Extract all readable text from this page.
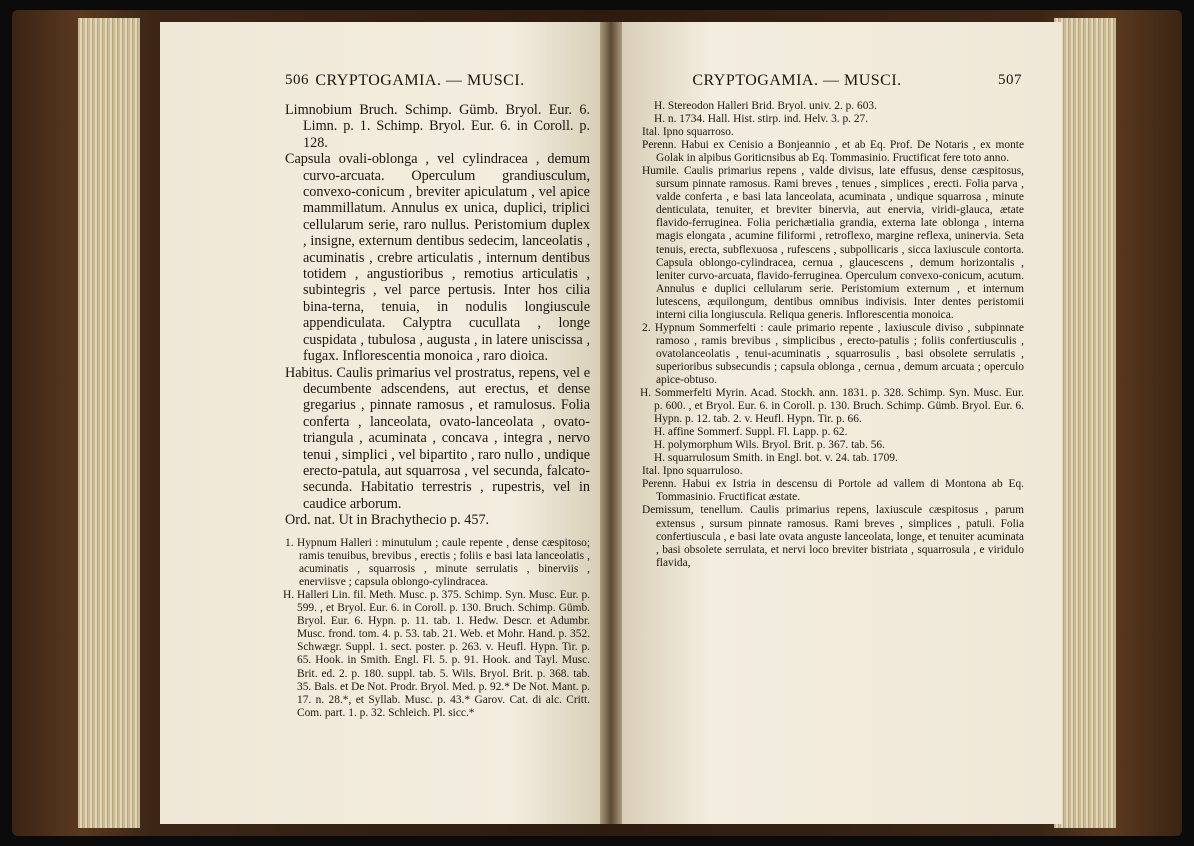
506 CRYPTOGAMIA. — MUSCI.

Limnobium Bruch. Schimp. Gümb. Bryol. Eur. 6. Limn. p. 1. Schimp. Bryol. Eur. 6. in Coroll. p. 128.

Capsula ovali-oblonga , vel cylindracea , demum curvo-arcuata. Operculum grandiusculum, convexo-conicum , breviter apiculatum , vel apice mammillatum. Annulus ex unica, duplici, triplici cellularum serie, raro nullus. Peristomium duplex , insigne, externum dentibus sedecim, lanceolatis , acuminatis , crebre articulatis , internum dentibus totidem , angustioribus , remotius articulatis , subintegris , vel parce pertusis. Inter hos cilia bina-terna, tenuia, in nodulis longiuscule appendiculata. Calyptra cucullata , longe cuspidata , tubulosa , augusta , in latere uniscissa , fugax. Inflorescentia monoica , raro dioica.

Habitus. Caulis primarius vel prostratus, repens, vel e decumbente adscendens, aut erectus, et dense gregarius , pinnate ramosus , et ramulosus. Folia conferta , lanceolata, ovato-lanceolata , ovato-triangula , acuminata , concava , integra , nervo tenui , simplici , vel bipartito , raro nullo , undique erecto-patula, aut squarrosa , vel secunda, falcato-secunda. Habitatio terrestris , rupestris, vel in caudice arborum.

Ord. nat. Ut in Brachythecio p. 457.

1. Hypnum Halleri : minutulum ; caule repente , dense cæspitoso; ramis tenuibus, brevibus , erectis ; foliis e basi lata lanceolatis , acuminatis , squarrosis , minute serrulatis , binerviis , enerviisve ; capsula oblongo-cylindracea.

H. Halleri Lin. fil. Meth. Musc. p. 375. Schimp. Syn. Musc. Eur. p. 599. , et Bryol. Eur. 6. in Coroll. p. 130. Bruch. Schimp. Gümb. Bryol. Eur. 6. Hypn. p. 11. tab. 1. Hedw. Descr. et Adumbr. Musc. frond. tom. 4. p. 53. tab. 21. Web. et Mohr. Hand. p. 352. Schwægr. Suppl. 1. sect. poster. p. 263. v. Heufl. Hypn. Tir. p. 65. Hook. in Smith. Engl. Fl. 5. p. 91. Hook. and Tayl. Musc. Brit. ed. 2. p. 180. suppl. tab. 5. Wils. Bryol. Brit. p. 368. tab. 35. Bals. et De Not. Prodr. Bryol. Med. p. 92.* De Not. Mant. p. 17. n. 28.*, et Syllab. Musc. p. 43.* Garov. Cat. di alc. Critt. Com. part. 1. p. 32. Schleich. Pl. sicc.*

CRYPTOGAMIA. — MUSCI.	507

H. Stereodon Halleri Brid. Bryol. univ. 2. p. 603.

H. n. 1734. Hall. Hist. stirp. ind. Helv. 3. p. 27.

Ital. Ipno squarroso.

Perenn. Habui ex Cenisio a Bonjeannio , et ab Eq. Prof. De Notaris , ex monte Golak in alpibus Goriticnsibus ab Eq. Tommasinio. Fructificat fere toto anno.

Humile. Caulis primarius repens , valde divisus, late effusus, dense cæspitosus, sursum pinnate ramosus. Rami breves , tenues , simplices , erecti. Folia parva , valde conferta , e basi lata lanceolata, acuminata , undique squarrosa , minute denticulata, tenuiter, et breviter binervia, aut enervia, viridi-glauca, ætate flavido-ferruginea. Folia perichætialia grandia, externa late oblonga , interna magis elongata , acumine filiformi , retroflexo, margine reflexa, uninervia. Seta tenuis, erecta, subflexuosa , rufescens , subpollicaris , sicca laxiuscule contorta. Capsula oblongo-cylindracea, cernua , glaucescens , demum horizontalis , leniter curvo-arcuata, flavido-ferruginea. Operculum convexo-conicum, acutum. Annulus e duplici cellularum serie. Peristomium externum , et internum lutescens, æquilongum, dentibus omnibus indivisis. Inter dentes peristomii interni cilia longiuscula. Reliqua generis. Inflorescentia monoica.

2. Hypnum Sommerfelti : caule primario repente , laxiuscule diviso , subpinnate ramoso , ramis brevibus , simplicibus , erecto-patulis ; foliis confertiusculis , ovatolanceolatis , tenui-acuminatis , squarrosulis , basi obsolete serrulatis , superioribus subsecundis ; capsula oblonga , cernua , demum arcuata ; operculo apice-obtuso.

H. Sommerfelti Myrin. Acad. Stockh. ann. 1831. p. 328. Schimp. Syn. Musc. Eur. p. 600. , et Bryol. Eur. 6. in Coroll. p. 130. Bruch. Schimp. Gümb. Bryol. Eur. 6. Hypn. p. 12. tab. 2. v. Heufl. Hypn. Tir. p. 66.

H. affine Sommerf. Suppl. Fl. Lapp. p. 62.

H. polymorphum Wils. Bryol. Brit. p. 367. tab. 56.

H. squarrulosum Smith. in Engl. bot. v. 24. tab. 1709.

Ital. Ipno squarruloso.

Perenn. Habui ex Istria in descensu di Portole ad vallem di Montona ab Eq. Tommasinio. Fructificat æstate.

Demissum, tenellum. Caulis primarius repens, laxiuscule cæspitosus , parum extensus , sursum pinnate ramosus. Rami breves , simplices , patuli. Folia confertiuscula , e basi late ovata anguste lanceolata, longe, et tenuiter acuminata , basi obsolete serrulata, et nervi loco breviter bistriata , squarrosula , e viridulo flavida,
